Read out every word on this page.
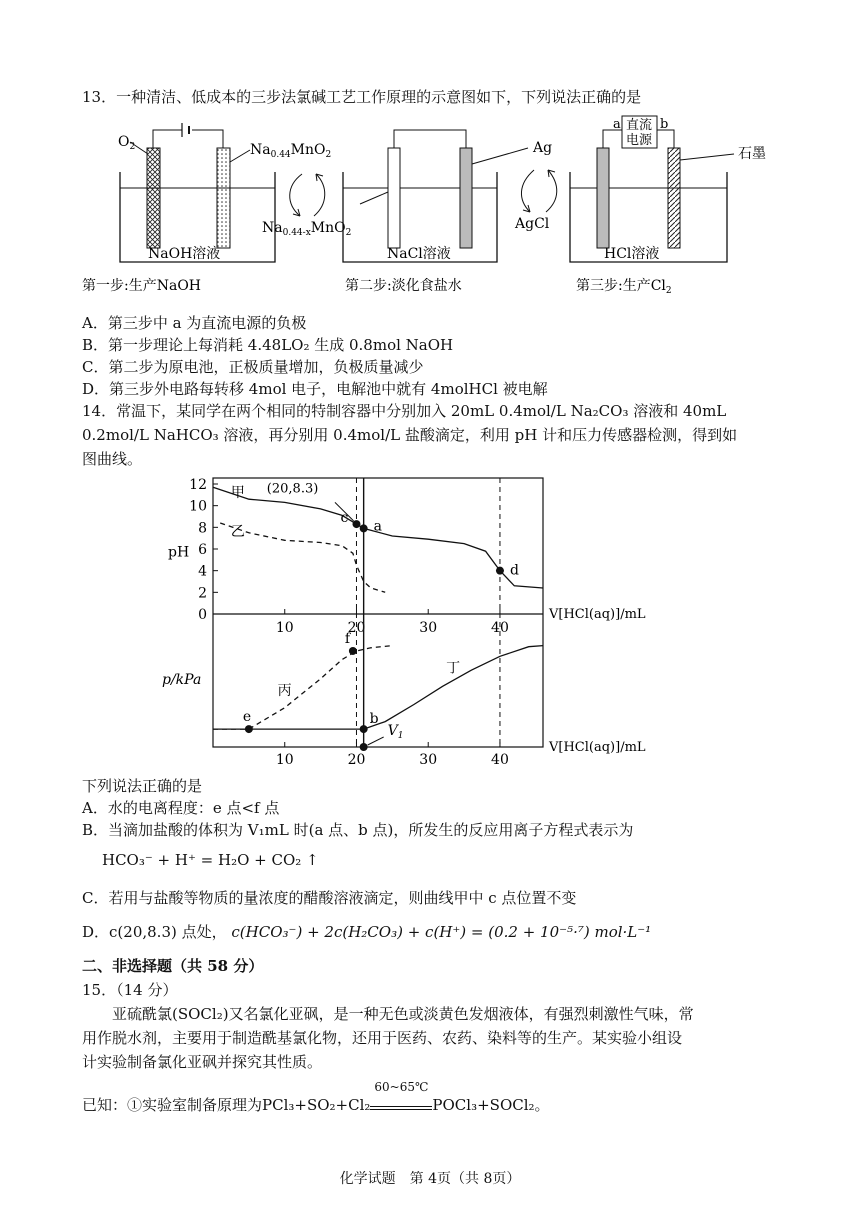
13．一种清洁、低成本的三步法氯碱工艺工作原理的示意图如下，下列说法正确的是
$O_2$	$Na_{0.44}MnO_2$
$Na_{0.44-x}MnO_2$
NaOH溶液
第一步:生产NaOH
Ag
AgCl
NaCl溶液
第二步:淡化食盐水
直流
电源
a	b
石墨
HCl溶液
第三步:生产$Cl_2$
A．第三步中 a 为直流电源的负极
B．第一步理论上每消耗 4.48LO₂ 生成 0.8mol NaOH
C．第二步为原电池，正极质量增加，负极质量减少
D．第三步外电路每转移 4mol 电子，电解池中就有 4molHCl 被电解
14．常温下，某同学在两个相同的特制容器中分别加入 20mL 0.4mol/L Na₂CO₃ 溶液和 40mL
0.2mol/L NaHCO₃ 溶液，再分别用 0.4mol/L 盐酸滴定，利用 pH 计和压力传感器检测，得到如
图曲线。
12
10
8
6
4
2
0
pH
p/kPa
10	20	30	40
10	20	30	40
V[HCl(aq)]/mL
V[HCl(aq)]/mL
甲
乙
丙
丁
c
a
d
(20,8.3)
e
f
b
$V_1$
下列说法正确的是
A．水的电离程度：e 点<f 点
B．当滴加盐酸的体积为 V₁mL 时(a 点、b 点)，所发生的反应用离子方程式表示为
HCO₃⁻ + H⁺ = H₂O + CO₂ ↑
C．若用与盐酸等物质的量浓度的醋酸溶液滴定，则曲线甲中 c 点位置不变
D．c(20,8.3) 点处， c(HCO₃⁻) + 2c(H₂CO₃) + c(H⁺) = (0.2 + 10⁻⁵·⁷) mol·L⁻¹
二、非选择题（共 58 分）
15．（14 分）
亚硫酰氯(SOCl₂)又名氯化亚砜，是一种无色或淡黄色发烟液体，有强烈刺激性气味，常
用作脱水剂，主要用于制造酰基氯化物，还用于医药、农药、染料等的生产。某实验小组设
计实验制备氯化亚砜并探究其性质。
已知：①实验室制备原理为PCl₃+SO₂+Cl₂
60~65℃
POCl₃+SOCl₂。
化学试题　第 4页（共 8页）
